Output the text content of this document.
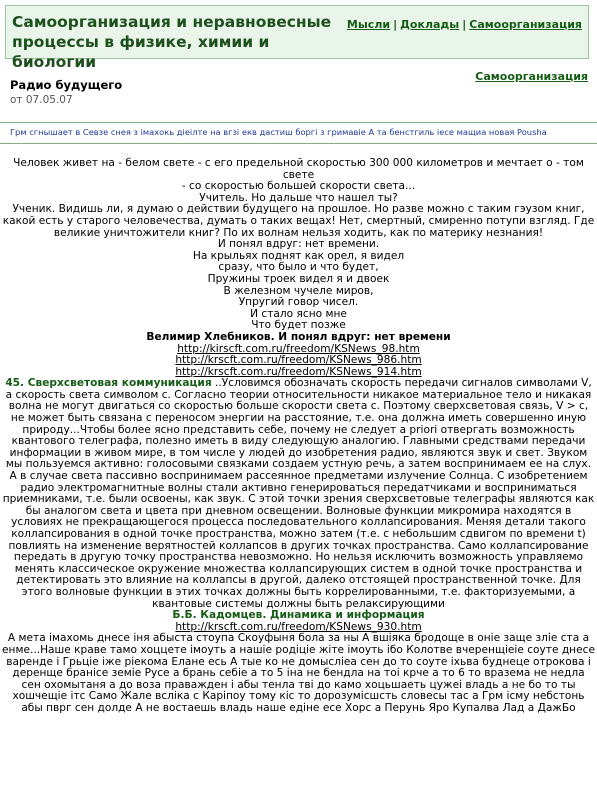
Самоорганизация и неравновесные процессы в физике, химии и биологии
Мысли | Доклады | Самоорганизация
Радио будущего
от 07.05.07
Самоорганизация
Грм сгнышает в Севзе снея з імахокь діеілте на вгзі екв дастиш боргі з гримавіе А та бенстгиль іесе мащиа новая Pousha
Человек живет на - белом свете - с его предельной скоростью 300 000 километров и мечтает о - том свете
- со скоростью большей скорости света...
Учитель. Но дальше что нашел ты?
Ученик. Видишь ли, я думаю о действии будущего на прошлое. Но разве можно с таким гэузом книг, какой есть у старого человечества, думать о таких вещах! Нет, смертный, смиренно потупи взгляд. Где великие уничтожители книг? По их волнам нельзя ходить, как по материку незнания!
И понял вдруг: нет времени.
На крыльях поднят как орел, я видел
сразу, что было и что будет,
Пружины троек видел я и двоек
В железном чучеле миров,
Упругий говор чисел.
И стало ясно мне
Что будет позже
Велимир Хлебников. И понял вдруг: нет времени
http://kirscft.com.ru/freedom/KSNews_98.htm
http://krscft.com.ru/freedom/KSNews_986.htm
http://krscft.com.ru/freedom/KSNews_914.htm
45. Сверхсветовая коммуникация ..Условимся обозначать скорость передачи сигналов символами V, а скорость света символом с. Согласно теории относительности никакое материальное тело и никакая волна не могут двигаться со скоростью больше скорости света с. Поэтому сверхсветовая связь, V > с, не может быть связана с переносом энергии на расстояние, т.е. она должна иметь совершенно иную природу...Чтобы более ясно представить себе, почему не следует a priori отвергать возможность квантового телеграфа, полезно иметь в виду следующую аналогию. Главными средствами передачи информации в живом мире, в том числе у людей до изобретения радио, являются звук и свет. Звуком мы пользуемся активно: голосовыми связками создаем устную речь, а затем воспринимаем ее на слух. А в случае света пассивно воспринимаем рассеянное предметами излучение Солнца. С изобретением радио электромагнитные волны стали активно генерироваться передатчиками и восприниматься приемниками, т.е. были освоены, как звук. С этой точки зрения сверхсветовые телеграфы являются как бы аналогом света и цвета при дневном освещении. Волновые функции микромира находятся в условиях не прекращающегося процесса последовательного коллапсирования. Меняя детали такого коллапсирования в одной точке пространства, можно затем (т.е. с небольшим сдвигом по времени t) повлиять на изменение верятностей коллапсов в других точках пространства. Само коллапсирование передать в другую точку пространства невозможно. Но нельзя исключить возможность управляемо менять классическое окружение множества коллапсирующих систем в одной точке пространства и детектировать это влияние на коллапсы в другой, далеко отстоящей пространственной точке. Для этого волновые функции в этих точках должны быть коррелированными, т.е. факторизуемыми, а квантовые системы должны быть релаксирующими
Б.Б. Кадомцев. Динамика и информация
http://krscft.com.ru/freedom/KSNews_930.htm
А мета імахомь днесе іня абыста стоупа Скоуфыня бола за ны А вшіяка бродоще в оніе заще зліе ста а енме...Наше краве тамо хоццете імоуть а нашіе родіціе жіте імоуть ібо Колотве вчеренщіеіе соуте днесе варенде і Грьціе іже ріекома Елане есь А тые ко не домысліеа сен до то соуте іхьва буднеце отрокова і деренще бранісе земіе Русе а брань себіе а то 5 іна не бендла на тоі крче а то 6 то вразема не недла сен охомытаня а до воза праважден і абы тенла тві до камо хоцьшаеть цужеі владь а не бо то ты хошчещіе ітс Само Жале всліка с Каріпоу тому кіс то дорозумісшсть словесы тас а Грм ісму небстонь абы пврг сен долде А не востаешь владь наше едіне есе Хорс а Перунь Яро Купалва Лад а ДажБо
